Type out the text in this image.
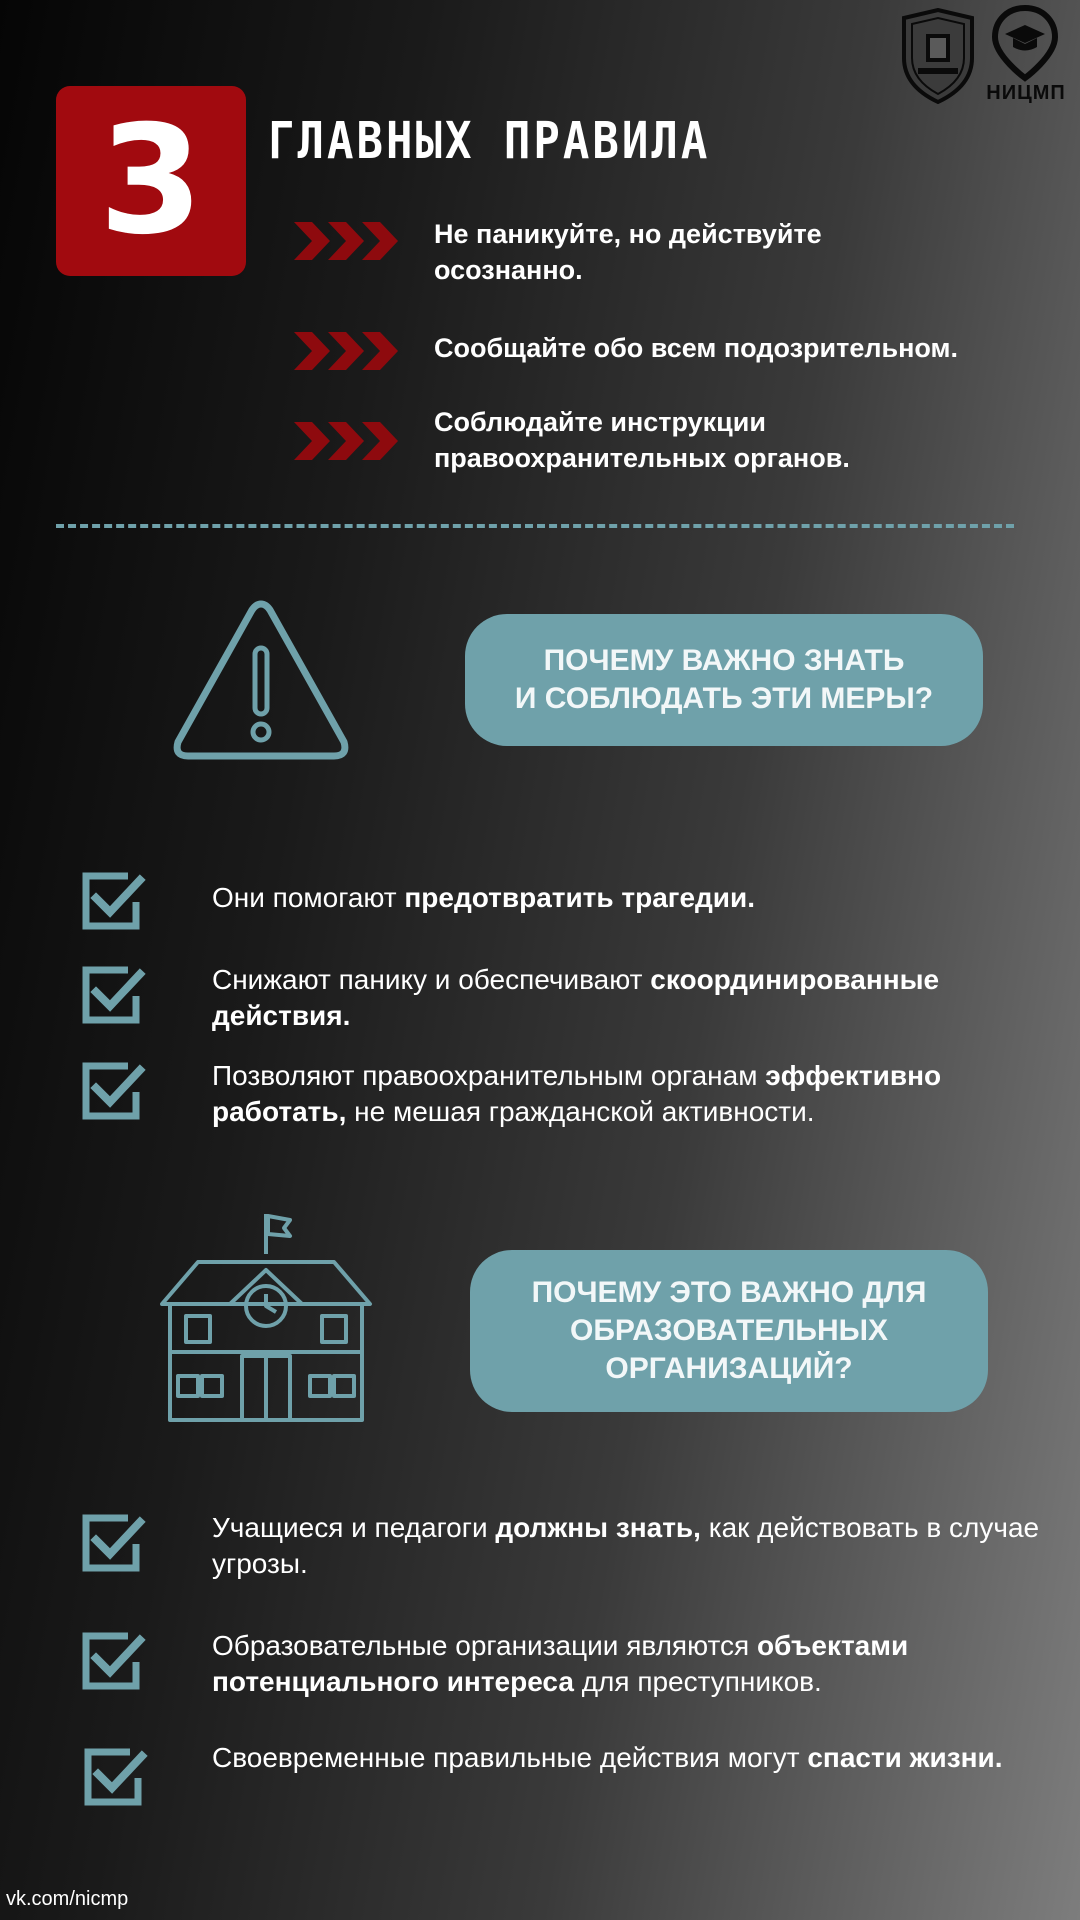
НИЦМП
3 ГЛАВНЫХ ПРАВИЛА
Не паникуйте, но действуйте
осознанно.
Сообщайте обо всем подозрительном.
Соблюдайте инструкции
правоохранительных органов.
ПОЧЕМУ ВАЖНО ЗНАТЬ
И СОБЛЮДАТЬ ЭТИ МЕРЫ?
Они помогают предотвратить трагедии.
Снижают панику и обеспечивают скоординированные действия.
Позволяют правоохранительным органам эффективно работать, не мешая гражданской активности.
ПОЧЕМУ ЭТО ВАЖНО ДЛЯ
ОБРАЗОВАТЕЛЬНЫХ
ОРГАНИЗАЦИЙ?
Учащиеся и педагоги должны знать, как действовать в случае угрозы.
Образовательные организации являются объектами потенциального интереса для преступников.
Своевременные правильные действия могут спасти жизни.
vk.com/nicmp
